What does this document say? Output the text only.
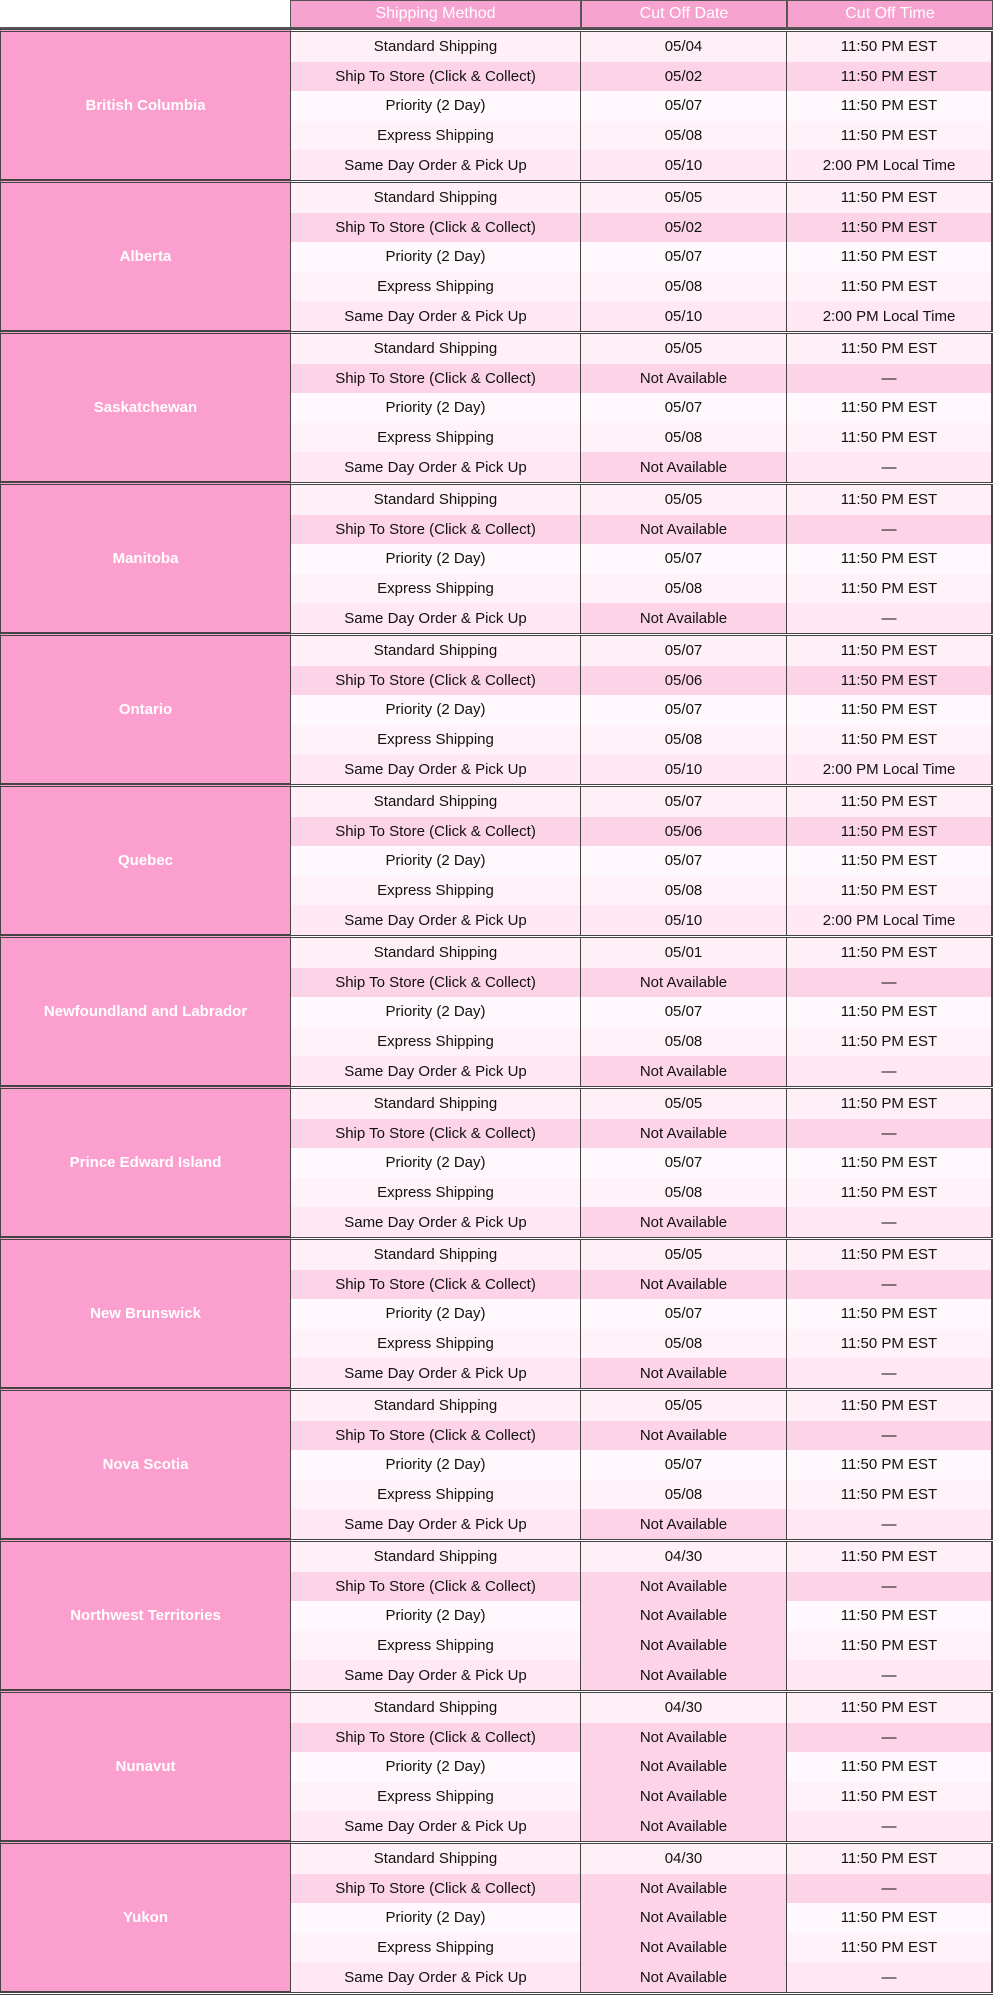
Shipping Method	Cut Off Date	Cut Off Time
British Columbia
Standard Shipping	05/04	11:50 PM EST
Ship To Store (Click & Collect)	05/02	11:50 PM EST
Priority (2 Day)	05/07	11:50 PM EST
Express Shipping	05/08	11:50 PM EST
Same Day Order & Pick Up	05/10	2:00 PM Local Time
Alberta
Standard Shipping	05/05	11:50 PM EST
Ship To Store (Click & Collect)	05/02	11:50 PM EST
Priority (2 Day)	05/07	11:50 PM EST
Express Shipping	05/08	11:50 PM EST
Same Day Order & Pick Up	05/10	2:00 PM Local Time
Saskatchewan
Standard Shipping	05/05	11:50 PM EST
Ship To Store (Click & Collect)	Not Available	—
Priority (2 Day)	05/07	11:50 PM EST
Express Shipping	05/08	11:50 PM EST
Same Day Order & Pick Up	Not Available	—
Manitoba
Standard Shipping	05/05	11:50 PM EST
Ship To Store (Click & Collect)	Not Available	—
Priority (2 Day)	05/07	11:50 PM EST
Express Shipping	05/08	11:50 PM EST
Same Day Order & Pick Up	Not Available	—
Ontario
Standard Shipping	05/07	11:50 PM EST
Ship To Store (Click & Collect)	05/06	11:50 PM EST
Priority (2 Day)	05/07	11:50 PM EST
Express Shipping	05/08	11:50 PM EST
Same Day Order & Pick Up	05/10	2:00 PM Local Time
Quebec
Standard Shipping	05/07	11:50 PM EST
Ship To Store (Click & Collect)	05/06	11:50 PM EST
Priority (2 Day)	05/07	11:50 PM EST
Express Shipping	05/08	11:50 PM EST
Same Day Order & Pick Up	05/10	2:00 PM Local Time
Newfoundland and Labrador
Standard Shipping	05/01	11:50 PM EST
Ship To Store (Click & Collect)	Not Available	—
Priority (2 Day)	05/07	11:50 PM EST
Express Shipping	05/08	11:50 PM EST
Same Day Order & Pick Up	Not Available	—
Prince Edward Island
Standard Shipping	05/05	11:50 PM EST
Ship To Store (Click & Collect)	Not Available	—
Priority (2 Day)	05/07	11:50 PM EST
Express Shipping	05/08	11:50 PM EST
Same Day Order & Pick Up	Not Available	—
New Brunswick
Standard Shipping	05/05	11:50 PM EST
Ship To Store (Click & Collect)	Not Available	—
Priority (2 Day)	05/07	11:50 PM EST
Express Shipping	05/08	11:50 PM EST
Same Day Order & Pick Up	Not Available	—
Nova Scotia
Standard Shipping	05/05	11:50 PM EST
Ship To Store (Click & Collect)	Not Available	—
Priority (2 Day)	05/07	11:50 PM EST
Express Shipping	05/08	11:50 PM EST
Same Day Order & Pick Up	Not Available	—
Northwest Territories
Standard Shipping	04/30	11:50 PM EST
Ship To Store (Click & Collect)	Not Available	—
Priority (2 Day)	Not Available	11:50 PM EST
Express Shipping	Not Available	11:50 PM EST
Same Day Order & Pick Up	Not Available	—
Nunavut
Standard Shipping	04/30	11:50 PM EST
Ship To Store (Click & Collect)	Not Available	—
Priority (2 Day)	Not Available	11:50 PM EST
Express Shipping	Not Available	11:50 PM EST
Same Day Order & Pick Up	Not Available	—
Yukon
Standard Shipping	04/30	11:50 PM EST
Ship To Store (Click & Collect)	Not Available	—
Priority (2 Day)	Not Available	11:50 PM EST
Express Shipping	Not Available	11:50 PM EST
Same Day Order & Pick Up	Not Available	—
